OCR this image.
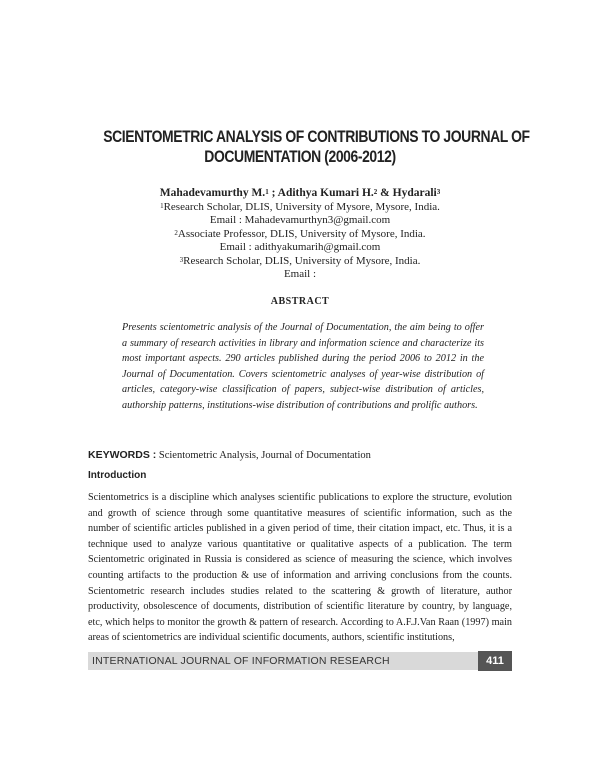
SCIENTOMETRIC ANALYSIS OF CONTRIBUTIONS TO JOURNAL OF
DOCUMENTATION (2006-2012)
Mahadevamurthy M.$^1$ ; Adithya Kumari H.$^2$ & Hydarali$^3$
$^1$Research Scholar, DLIS, University of Mysore, Mysore, India.
Email : Mahadevamurthyn3@gmail.com
$^2$Associate Professor, DLIS, University of Mysore, India.
Email : adithyakumarih@gmail.com
$^3$Research Scholar, DLIS, University of Mysore, India.
Email :
ABSTRACT
Presents scientometric analysis of the Journal of Documentation, the aim being to offer a summary of research activities in library and information science and characterize its most important aspects. 290 articles published during the period 2006 to 2012 in the Journal of Documentation. Covers scientometric analyses of year-wise distribution of articles, category-wise classification of papers, subject-wise distribution of articles, authorship patterns, institutions-wise distribution of contributions and prolific authors.
KEYWORDS : Scientometric Analysis, Journal of Documentation
Introduction
Scientometrics is a discipline which analyses scientific publications to explore the structure, evolution and growth of science through some quantitative measures of scientific information, such as the number of scientific articles published in a given period of time, their citation impact, etc. Thus, it is a technique used to analyze various quantitative or qualitative aspects of a publication. The term Scientometric originated in Russia is considered as science of measuring the science, which involves counting artifacts to the production & use of information and arriving conclusions from the counts. Scientometric research includes studies related to the scattering & growth of literature, author productivity, obsolescence of documents, distribution of scientific literature by country, by language, etc, which helps to monitor the growth & pattern of research. According to A.F.J.Van Raan (1997) main areas of scientometrics are individual scientific documents, authors, scientific institutions,
INTERNATIONAL JOURNAL OF INFORMATION RESEARCH	411
